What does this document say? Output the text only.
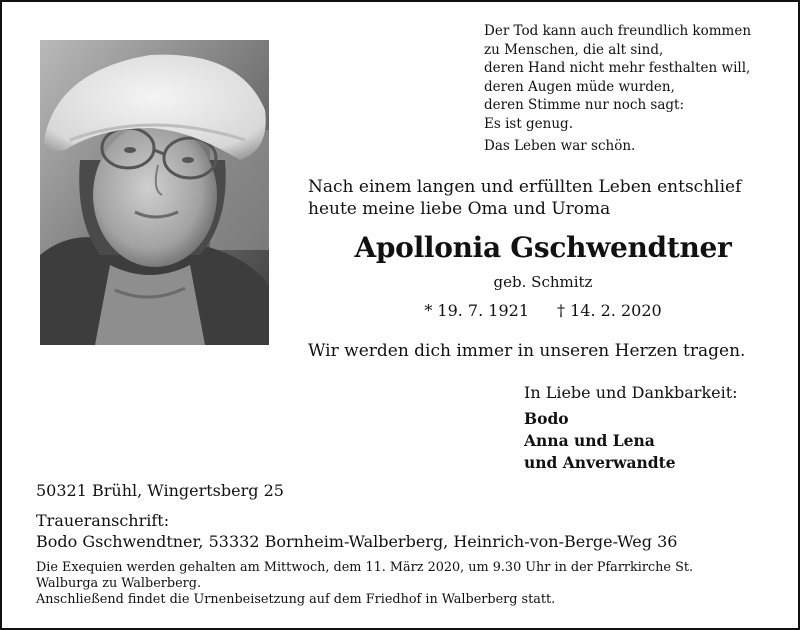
Der Tod kann auch freundlich kommen
zu Menschen, die alt sind,
deren Hand nicht mehr festhalten will,
deren Augen müde wurden,
deren Stimme nur noch sagt:
Es ist genug.
Das Leben war schön.
Nach einem langen und erfüllten Leben entschlief
heute meine liebe Oma und Uroma
Apollonia Gschwendtner
geb. Schmitz
* 19. 7. 1921 † 14. 2. 2020
Wir werden dich immer in unseren Herzen tragen.
In Liebe und Dankbarkeit:
Bodo
Anna und Lena
und Anverwandte
50321 Brühl, Wingertsberg 25
Traueranschrift:
Bodo Gschwendtner, 53332 Bornheim-Walberberg, Heinrich-von-Berge-Weg 36
Die Exequien werden gehalten am Mittwoch, dem 11. März 2020, um 9.30 Uhr in der Pfarrkirche St.
Walburga zu Walberberg.
Anschließend findet die Urnenbeisetzung auf dem Friedhof in Walberberg statt.
